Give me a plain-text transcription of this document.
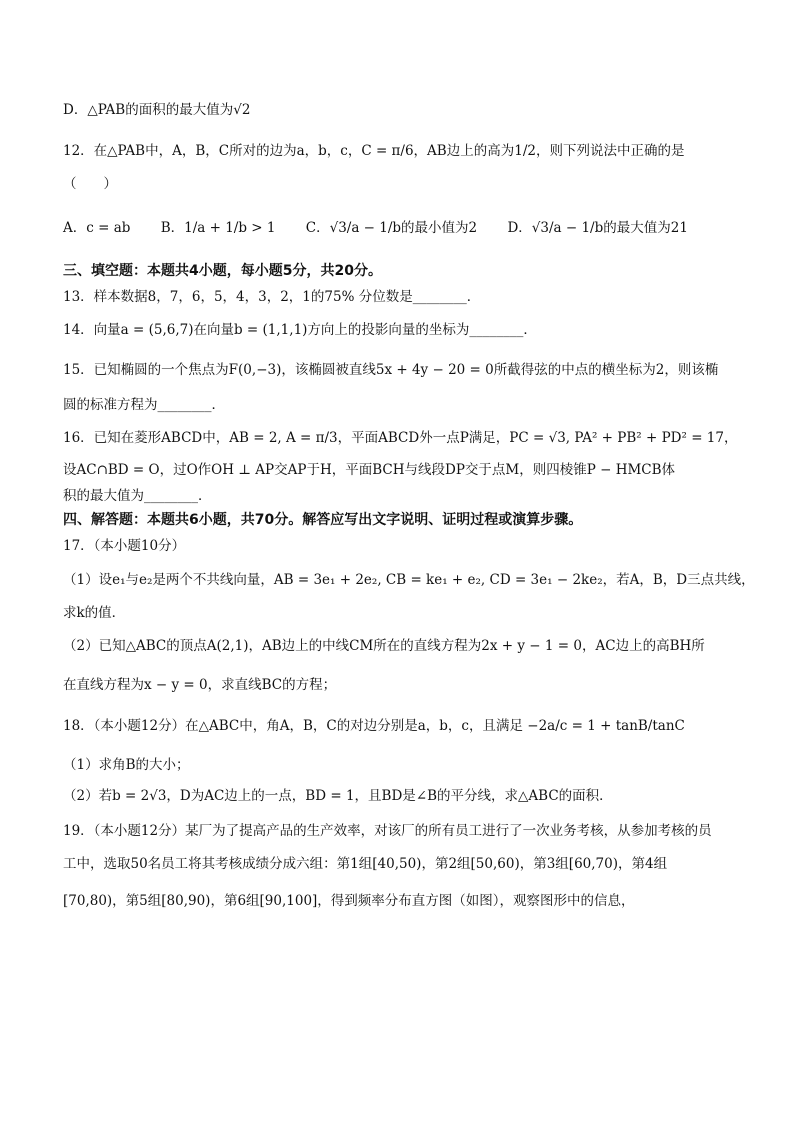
D．△PAB的面积的最大值为√2
12．在△PAB中，A，B，C所对的边为a，b，c，C = π/6，AB边上的高为1/2，则下列说法中正确的是
（　　）
A．c = ab B．1/a + 1/b > 1 C．√3/a − 1/b的最小值为2 D．√3/a − 1/b的最大值为21
三、填空题：本题共4小题，每小题5分，共20分。
13．样本数据8，7，6，5，4，3，2，1的75% 分位数是________．
14．向量a = (5,6,7)在向量b = (1,1,1)方向上的投影向量的坐标为________．
15．已知椭圆的一个焦点为F(0,−3)，该椭圆被直线5x + 4y − 20 = 0所截得弦的中点的横坐标为2，则该椭
圆的标准方程为________．
16．已知在菱形ABCD中，AB = 2, A = π/3，平面ABCD外一点P满足，PC = √3, PA² + PB² + PD² = 17，
设AC∩BD = O，过O作OH ⊥ AP交AP于H，平面BCH与线段DP交于点M，则四棱锥P − HMCB体
积的最大值为________．
四、解答题：本题共6小题，共70分。解答应写出文字说明、证明过程或演算步骤。
17．（本小题10分）
（1）设e₁与e₂是两个不共线向量，AB = 3e₁ + 2e₂, CB = ke₁ + e₂, CD = 3e₁ − 2ke₂，若A，B，D三点共线，
求k的值．
（2）已知△ABC的顶点A(2,1)，AB边上的中线CM所在的直线方程为2x + y − 1 = 0，AC边上的高BH所
在直线方程为x − y = 0，求直线BC的方程；
18．（本小题12分）在△ABC中，角A，B，C的对边分别是a，b，c，且满足 −2a/c = 1 + tanB/tanC
（1）求角B的大小；
（2）若b = 2√3，D为AC边上的一点，BD = 1，且BD是∠B的平分线，求△ABC的面积．
19．（本小题12分）某厂为了提高产品的生产效率，对该厂的所有员工进行了一次业务考核，从参加考核的员
工中，选取50名员工将其考核成绩分成六组：第1组[40,50)，第2组[50,60)，第3组[60,70)，第4组
[70,80)，第5组[80,90)，第6组[90,100]，得到频率分布直方图（如图），观察图形中的信息，
